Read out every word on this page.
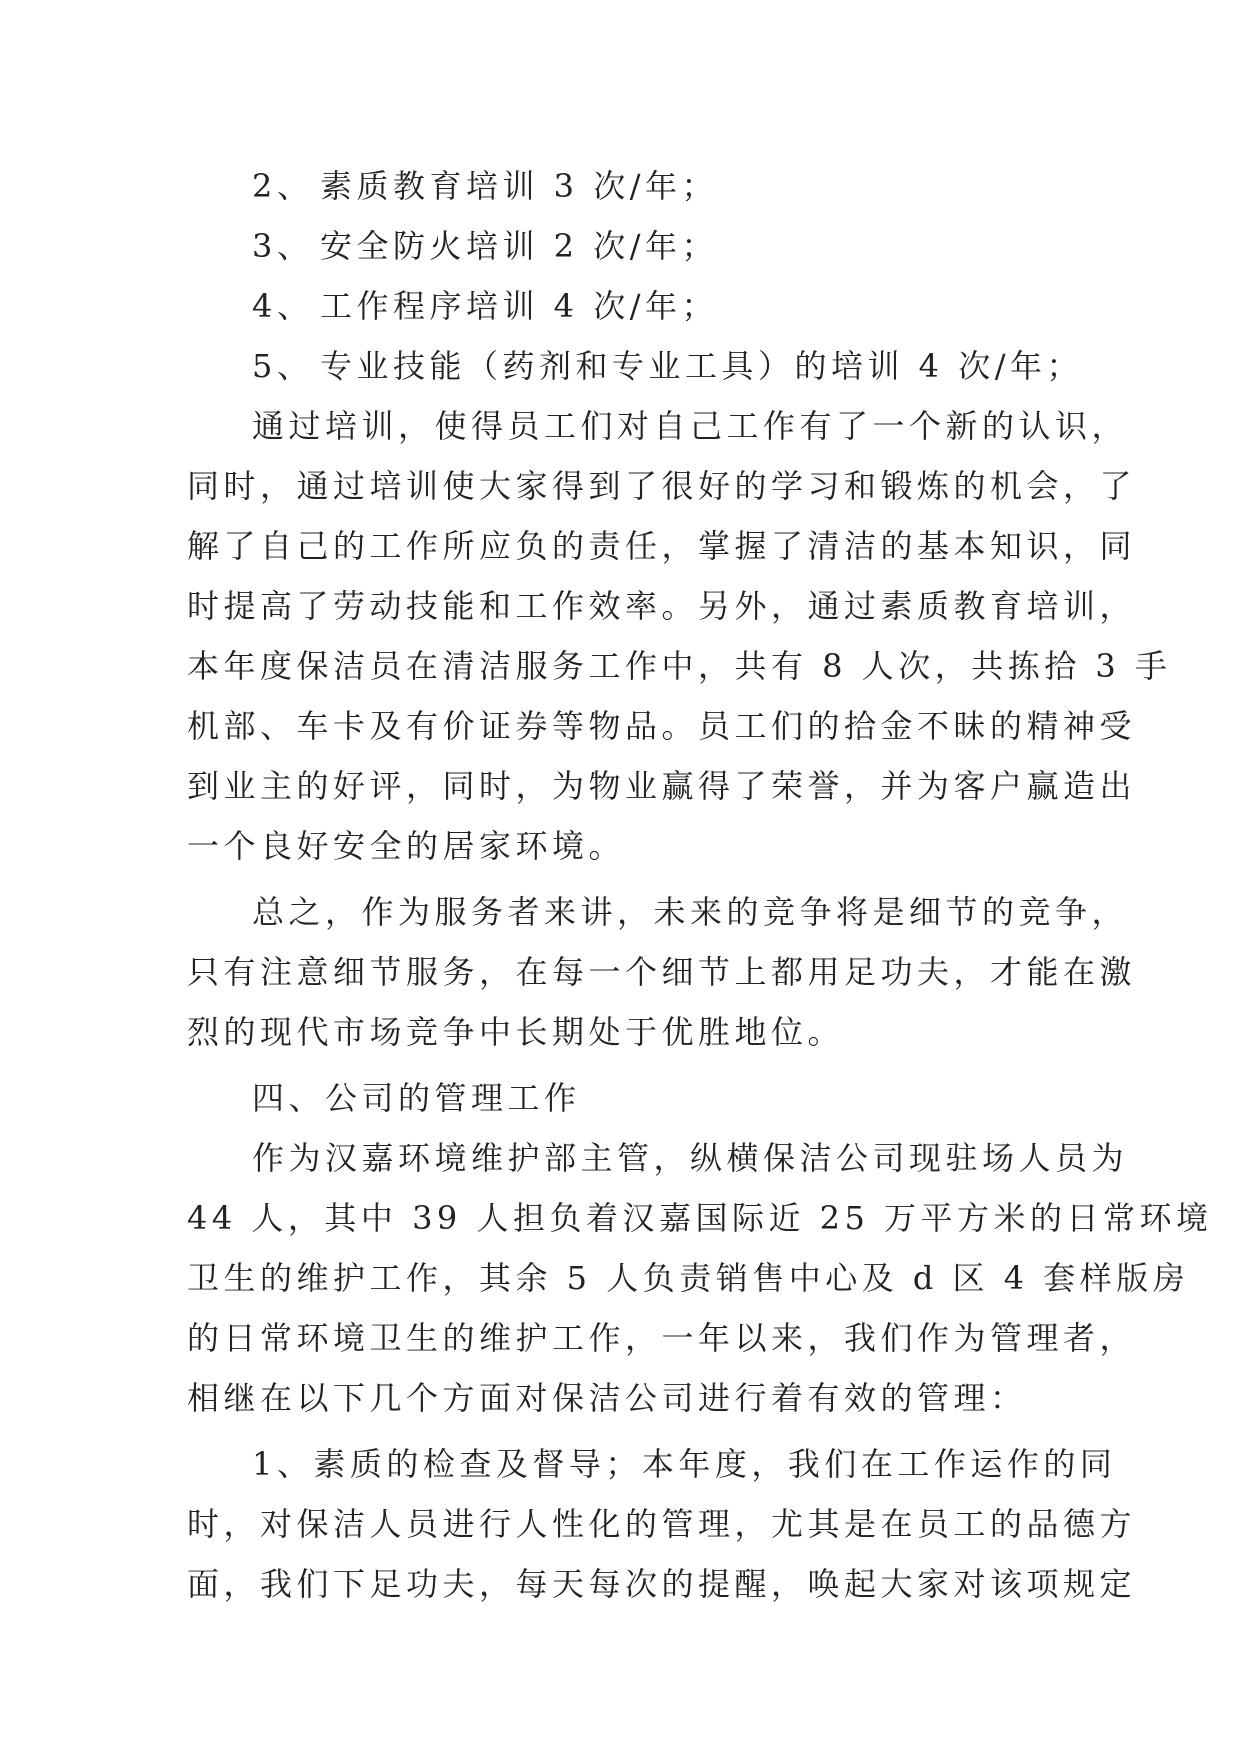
2、 素质教育培训 3 次/年；
3、 安全防火培训 2 次/年；
4、 工作程序培训 4 次/年；
5、 专业技能（药剂和专业工具）的培训 4 次/年；
通过培训，使得员工们对自己工作有了一个新的认识，
同时，通过培训使大家得到了很好的学习和锻炼的机会，了
解了自己的工作所应负的责任，掌握了清洁的基本知识，同
时提高了劳动技能和工作效率。另外，通过素质教育培训，
本年度保洁员在清洁服务工作中，共有 8 人次，共拣拾 3 手
机部、车卡及有价证券等物品。员工们的拾金不昧的精神受
到业主的好评，同时，为物业赢得了荣誉，并为客户赢造出
一个良好安全的居家环境。
总之，作为服务者来讲，未来的竞争将是细节的竞争，
只有注意细节服务，在每一个细节上都用足功夫，才能在激
烈的现代市场竞争中长期处于优胜地位。
四、公司的管理工作
作为汉嘉环境维护部主管，纵横保洁公司现驻场人员为
44 人，其中 39 人担负着汉嘉国际近 25 万平方米的日常环境
卫生的维护工作，其余 5 人负责销售中心及 d 区 4 套样版房
的日常环境卫生的维护工作，一年以来，我们作为管理者，
相继在以下几个方面对保洁公司进行着有效的管理：
1、素质的检查及督导；本年度，我们在工作运作的同
时，对保洁人员进行人性化的管理，尤其是在员工的品德方
面，我们下足功夫，每天每次的提醒，唤起大家对该项规定
